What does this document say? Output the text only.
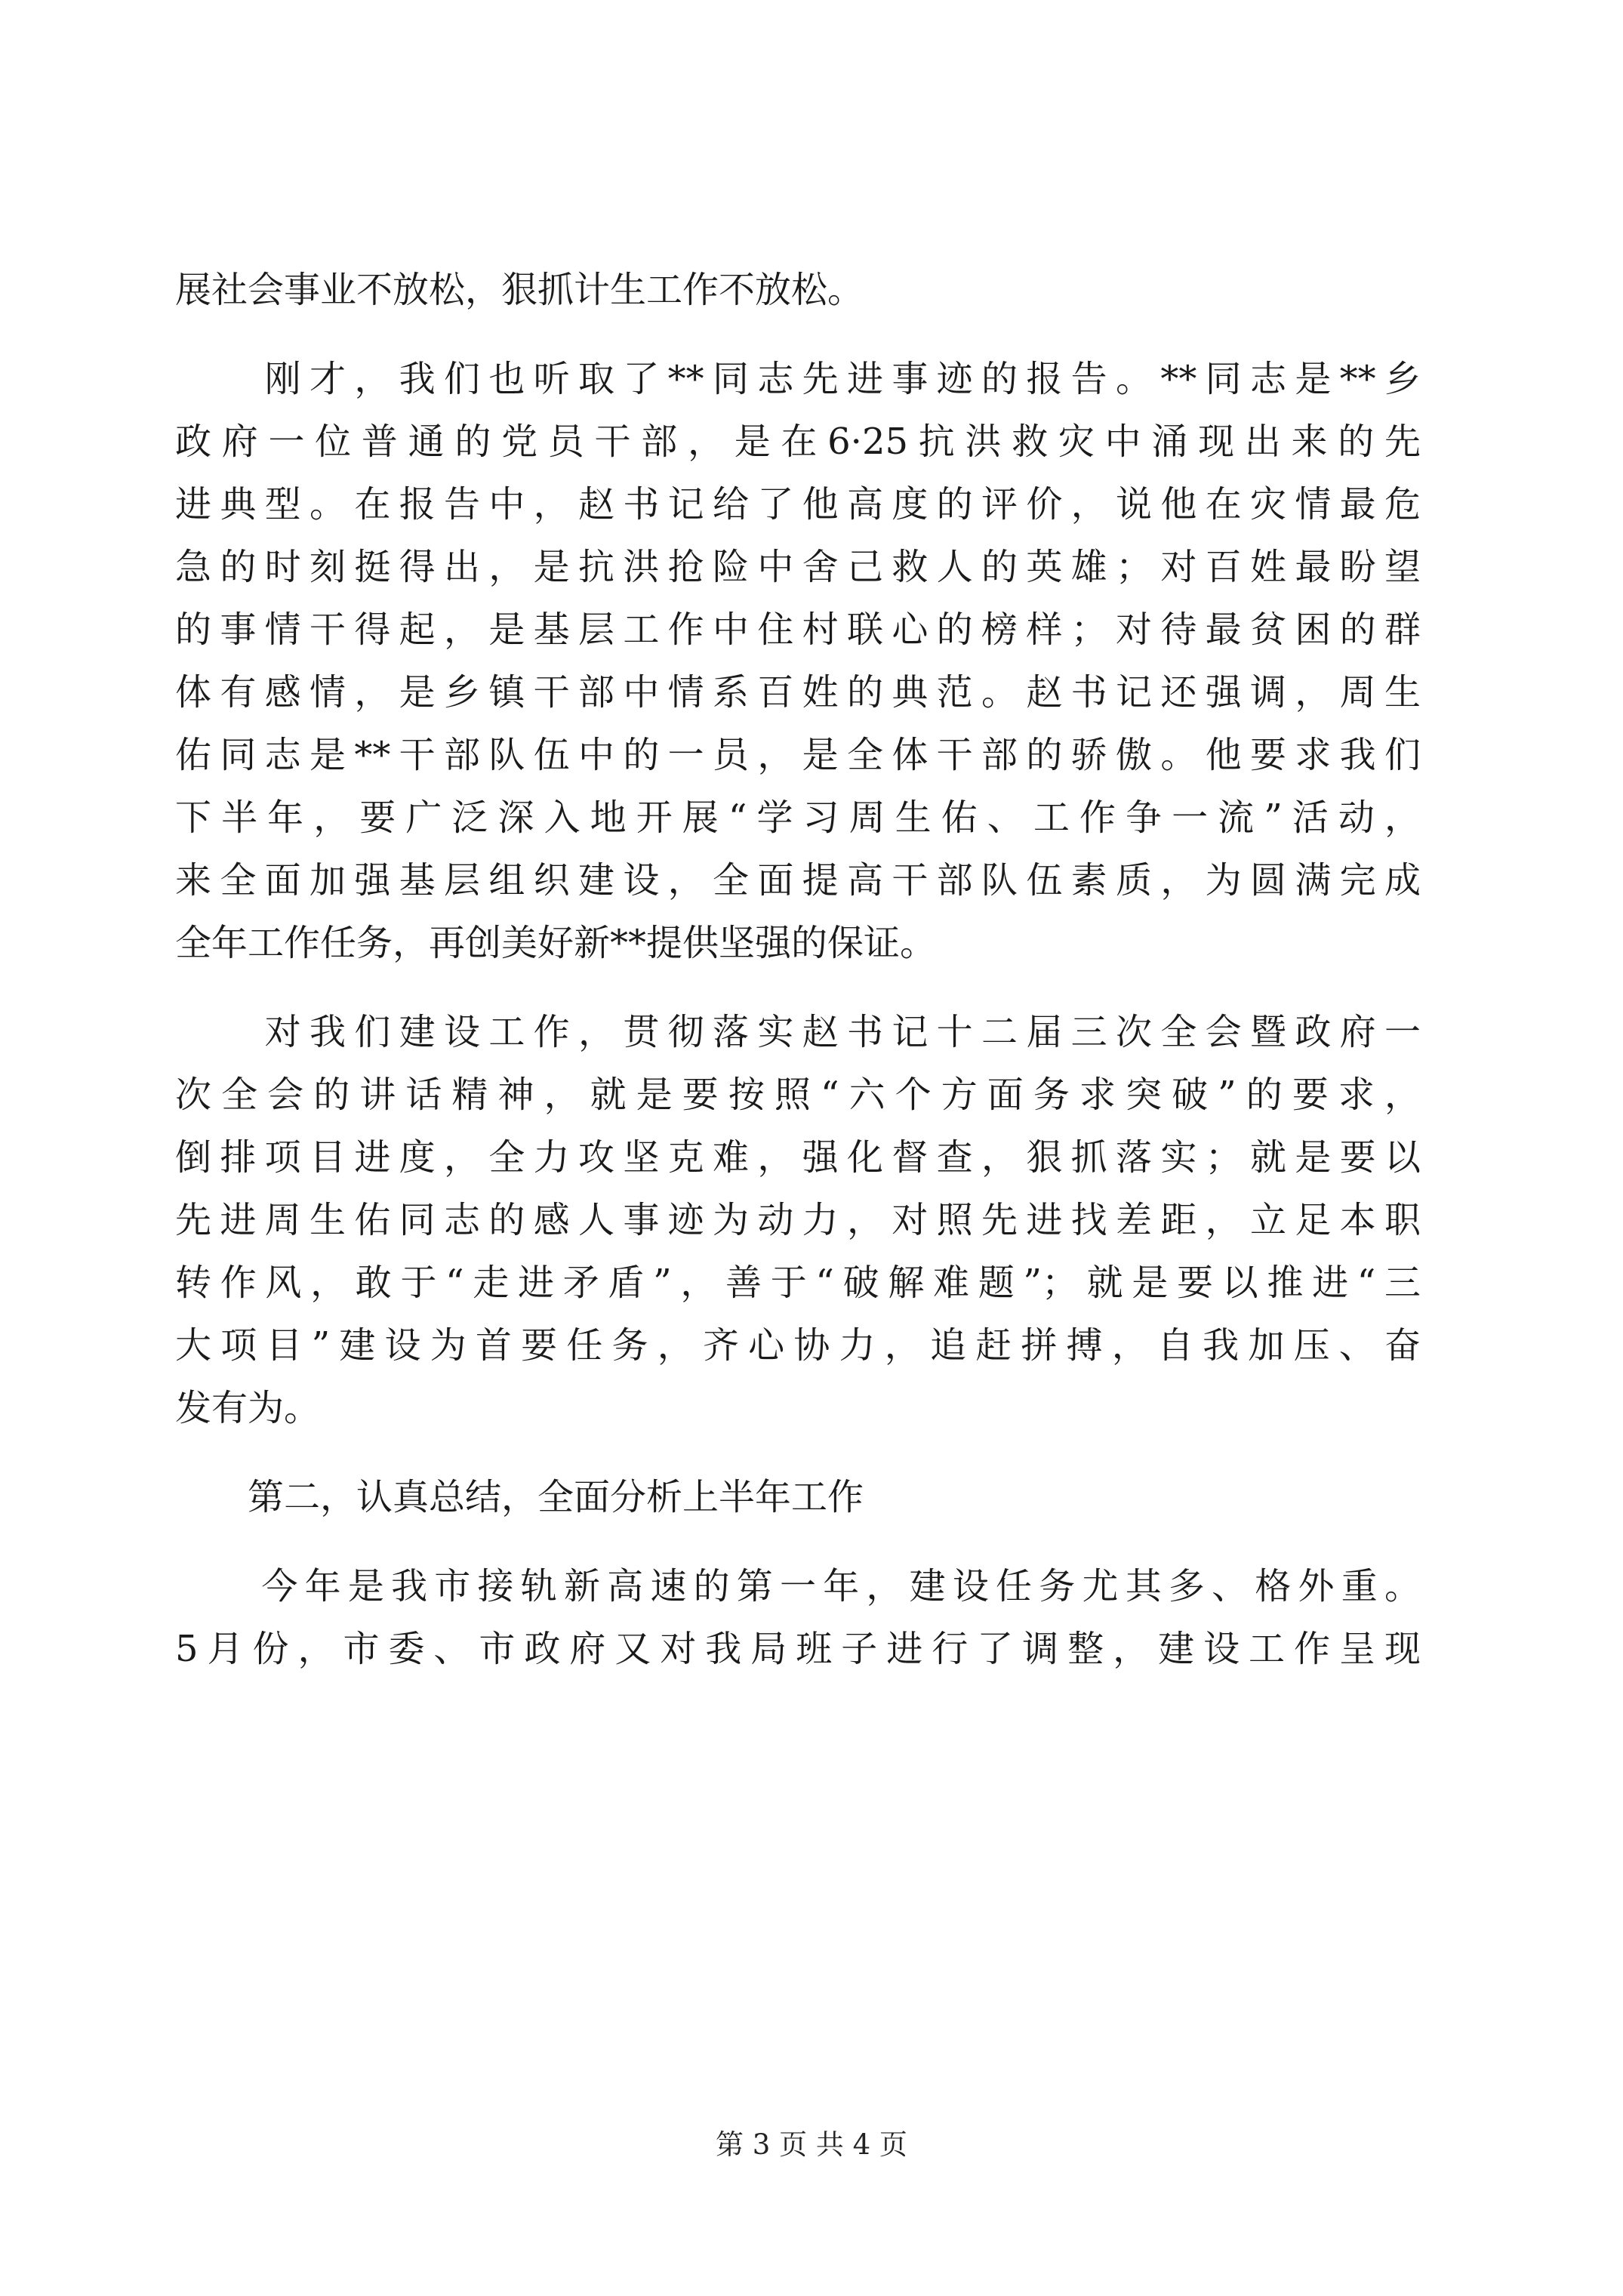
展社会事业不放松，狠抓计生工作不放松。
　　刚才，我们也听取了**同志先进事迹的报告。**同志是**乡
政府一位普通的党员干部，是在6·25抗洪救灾中涌现出来的先
进典型。在报告中，赵书记给了他高度的评价，说他在灾情最危
急的时刻挺得出，是抗洪抢险中舍己救人的英雄；对百姓最盼望
的事情干得起，是基层工作中住村联心的榜样；对待最贫困的群
体有感情，是乡镇干部中情系百姓的典范。赵书记还强调，周生
佑同志是**干部队伍中的一员，是全体干部的骄傲。他要求我们
下半年，要广泛深入地开展“学习周生佑、工作争一流”活动，
来全面加强基层组织建设，全面提高干部队伍素质，为圆满完成
全年工作任务，再创美好新**提供坚强的保证。
　　对我们建设工作，贯彻落实赵书记十二届三次全会暨政府一
次全会的讲话精神，就是要按照“六个方面务求突破”的要求，
倒排项目进度，全力攻坚克难，强化督查，狠抓落实；就是要以
先进周生佑同志的感人事迹为动力，对照先进找差距，立足本职
转作风，敢于“走进矛盾”，善于“破解难题”；就是要以推进“三
大项目”建设为首要任务，齐心协力，追赶拼搏，自我加压、奋
发有为。
　　第二，认真总结，全面分析上半年工作
　　今年是我市接轨新高速的第一年，建设任务尤其多、格外重。
5月份，市委、市政府又对我局班子进行了调整，建设工作呈现
第 3 页 共 4 页
